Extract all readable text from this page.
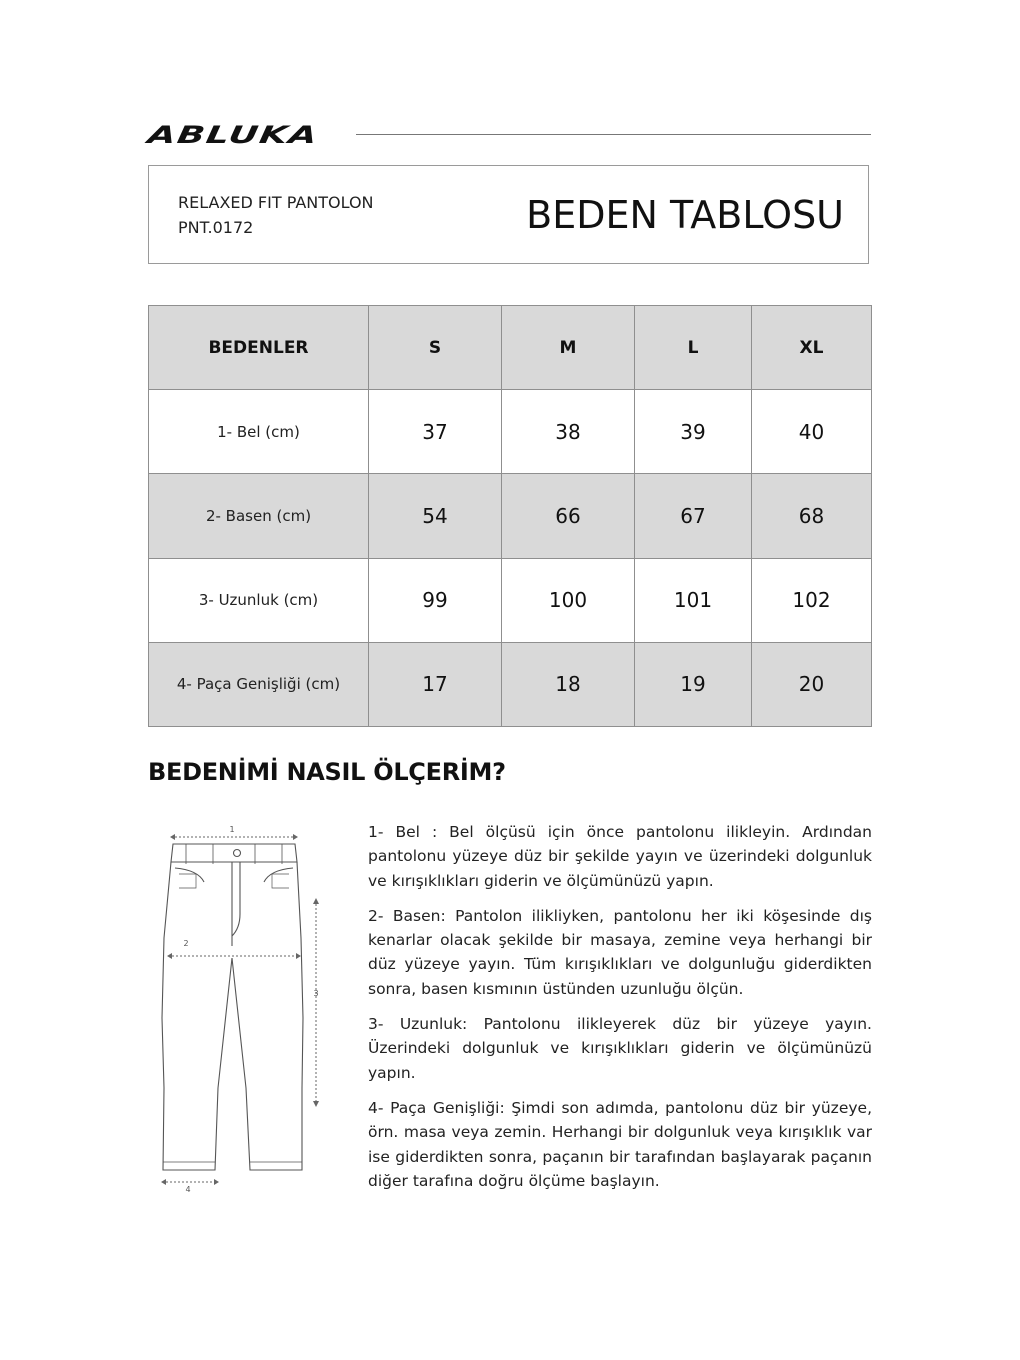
ABLUKA
RELAXED FIT PANTOLON
PNT.0172	BEDEN TABLOSU
BEDENLER	S	M	L	XL
1- Bel (cm)	37	38	39	40
2- Basen (cm)	54	66	67	68
3- Uzunluk (cm)	99	100	101	102
4- Paça Genişliği (cm)	17	18	19	20
BEDENİMİ NASIL ÖLÇERİM?
1
2
3
4

1- Bel : Bel ölçüsü için önce pantolonu ilikleyin. Ardından pantolonu yüzeye düz bir şekilde yayın ve üzerindeki dolgunluk ve kırışıklıkları giderin ve ölçümünüzü yapın.

2- Basen: Pantolon ilikliyken, pantolonu her iki köşesinde dış kenarlar olacak şekilde bir masaya, zemine veya herhangi bir düz yüzeye yayın. Tüm kırışıklıkları ve dolgunluğu giderdikten sonra, basen kısmının üstünden uzunluğu ölçün.

3- Uzunluk: Pantolonu ilikleyerek düz bir yüzeye yayın. Üzerindeki dolgunluk ve kırışıklıkları giderin ve ölçümünüzü yapın.

4- Paça Genişliği: Şimdi son adımda, pantolonu düz bir yüzeye, örn. masa veya zemin. Herhangi bir dolgunluk veya kırışıklık var ise giderdikten sonra, paçanın bir tarafından başlayarak paçanın diğer tarafına doğru ölçüme başlayın.
